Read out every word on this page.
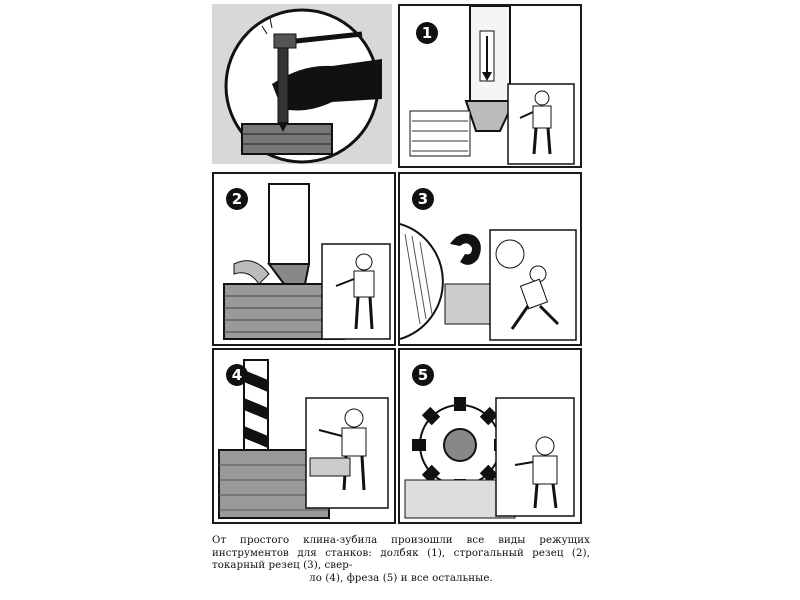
1
2	3
4	5
От простого клина-зубила произошли все виды режущих инструментов для станков: долбяк (1), строгальный резец (2), токарный резец (3), свер-
ло (4), фреза (5) и все остальные.
